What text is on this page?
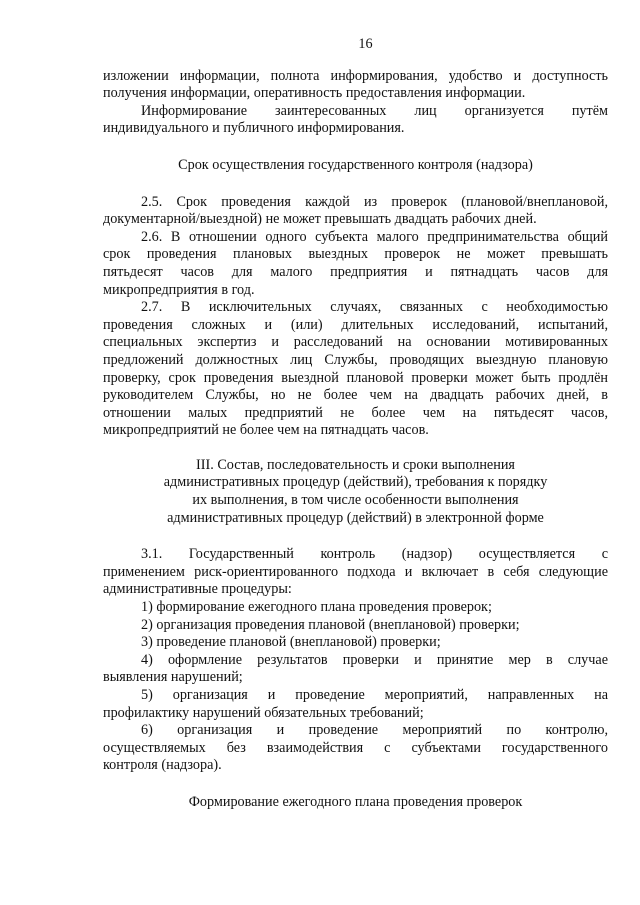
16

изложении информации, полнота информирования, удобство и доступность

получения информации, оперативность предоставления информации.

Информирование заинтересованных лиц организуется путём

индивидуального и публичного информирования.

Срок осуществления государственного контроля (надзора)

2.5. Срок проведения каждой из проверок (плановой/внеплановой,

документарной/выездной) не может превышать двадцать рабочих дней.

2.6. В отношении одного субъекта малого предпринимательства общий

срок проведения плановых выездных проверок не может превышать

пятьдесят часов для малого предприятия и пятнадцать часов для

микропредприятия в год.

2.7. В исключительных случаях, связанных с необходимостью

проведения сложных и (или) длительных исследований, испытаний,

специальных экспертиз и расследований на основании мотивированных

предложений должностных лиц Службы, проводящих выездную плановую

проверку, срок проведения выездной плановой проверки может быть продлён

руководителем Службы, но не более чем на двадцать рабочих дней, в

отношении малых предприятий не более чем на пятьдесят часов,

микропредприятий не более чем на пятнадцать часов.

III. Состав, последовательность и сроки выполнения

административных процедур (действий), требования к порядку

их выполнения, в том числе особенности выполнения

административных процедур (действий) в электронной форме

3.1. Государственный контроль (надзор) осуществляется с

применением риск-ориентированного подхода и включает в себя следующие

административные процедуры:

1) формирование ежегодного плана проведения проверок;

2) организация проведения плановой (внеплановой) проверки;

3) проведение плановой (внеплановой) проверки;

4) оформление результатов проверки и принятие мер в случае

выявления нарушений;

5) организация и проведение мероприятий, направленных на

профилактику нарушений обязательных требований;

6) организация и проведение мероприятий по контролю,

осуществляемых без взаимодействия с субъектами государственного

контроля (надзора).

Формирование ежегодного плана проведения проверок
